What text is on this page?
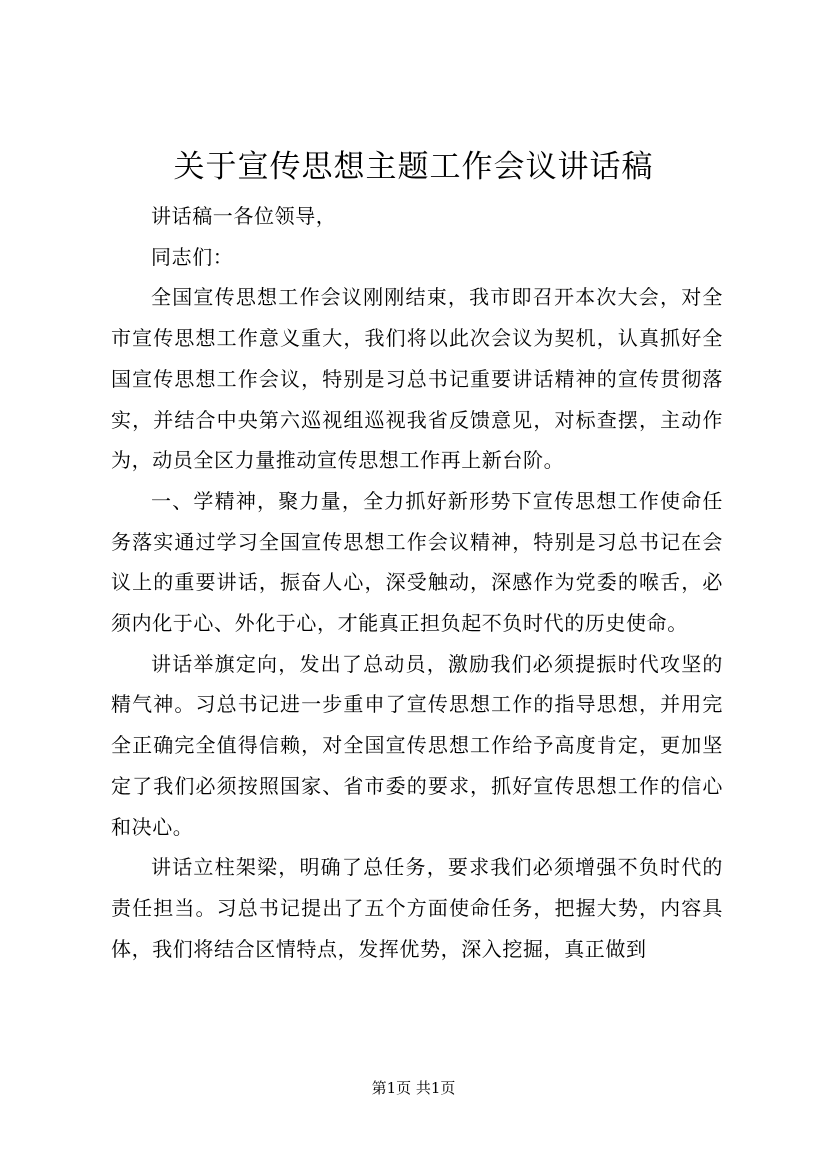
关于宣传思想主题工作会议讲话稿

讲话稿一各位领导，

同志们：

全国宣传思想工作会议刚刚结束，我市即召开本次大会，对全市宣传思想工作意义重大，我们将以此次会议为契机，认真抓好全国宣传思想工作会议，特别是习总书记重要讲话精神的宣传贯彻落实，并结合中央第六巡视组巡视我省反馈意见，对标查摆，主动作为，动员全区力量推动宣传思想工作再上新台阶。

一、学精神，聚力量，全力抓好新形势下宣传思想工作使命任务落实通过学习全国宣传思想工作会议精神，特别是习总书记在会议上的重要讲话，振奋人心，深受触动，深感作为党委的喉舌，必须内化于心、外化于心，才能真正担负起不负时代的历史使命。

讲话举旗定向，发出了总动员，激励我们必须提振时代攻坚的精气神。习总书记进一步重申了宣传思想工作的指导思想，并用完全正确完全值得信赖，对全国宣传思想工作给予高度肯定，更加坚定了我们必须按照国家、省市委的要求，抓好宣传思想工作的信心和决心。

讲话立柱架梁，明确了总任务，要求我们必须增强不负时代的责任担当。习总书记提出了五个方面使命任务，把握大势，内容具体，我们将结合区情特点，发挥优势，深入挖掘，真正做到

第1页 共1页
